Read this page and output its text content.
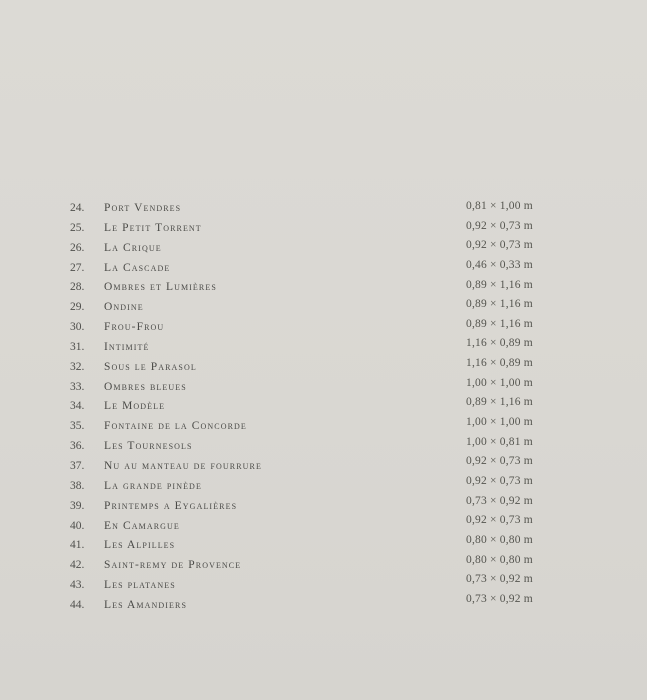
24. Port Vendres
25. Le Petit Torrent
26. La Crique
27. La Cascade
28. Ombres et Lumières
29. Ondine
30. Frou-Frou
31. Intimité
32. Sous le Parasol
33. Ombres bleues
34. Le Modèle
35. Fontaine de la Concorde
36. Les Tournesols
37. Nu au manteau de fourrure
38. La grande pinède
39. Printemps a Eygalières
40. En Camargue
41. Les Alpilles
42. Saint-remy de Provence
43. Les platanes
44. Les Amandiers
0,81 × 1,00 m
0,92 × 0,73 m
0,92 × 0,73 m
0,46 × 0,33 m
0,89 × 1,16 m
0,89 × 1,16 m
0,89 × 1,16 m
1,16 × 0,89 m
1,16 × 0,89 m
1,00 × 1,00 m
0,89 × 1,16 m
1,00 × 1,00 m
1,00 × 0,81 m
0,92 × 0,73 m
0,92 × 0,73 m
0,73 × 0,92 m
0,92 × 0,73 m
0,80 × 0,80 m
0,80 × 0,80 m
0,73 × 0,92 m
0,73 × 0,92 m
